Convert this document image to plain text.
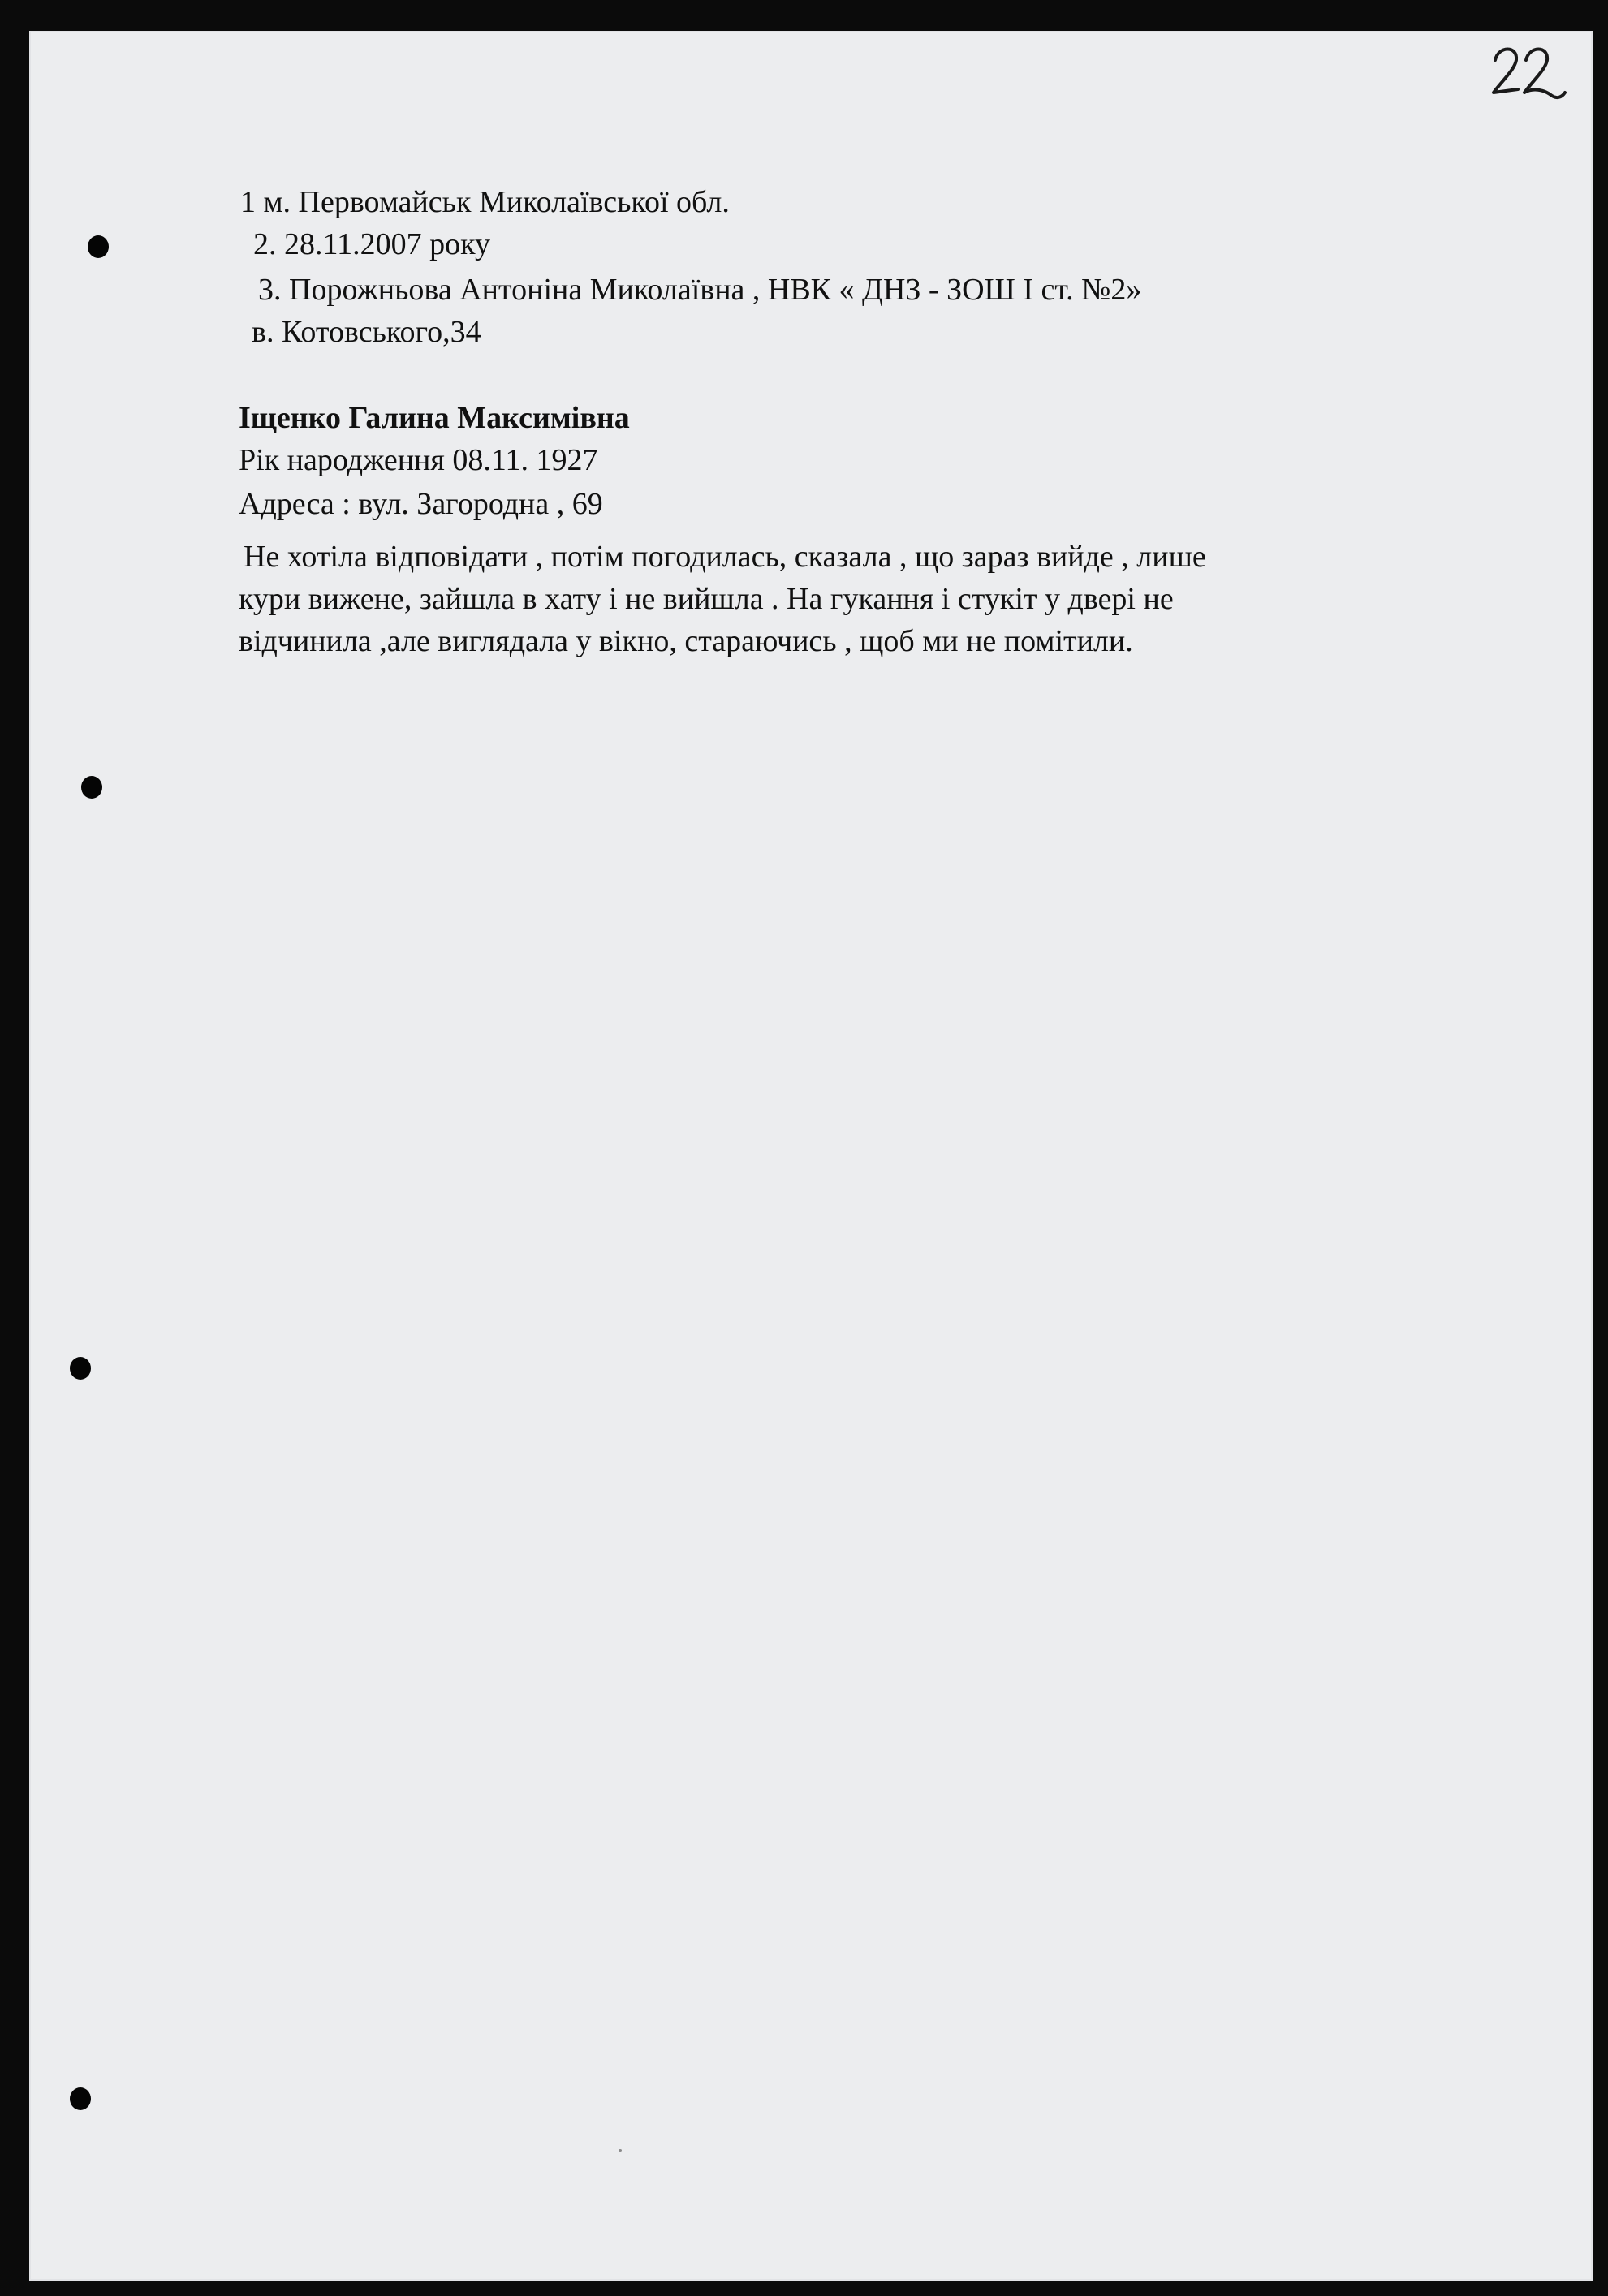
1 м. Первомайськ Миколаївської обл.
2. 28.11.2007 року
3. Порожньова Антоніна Миколаївна , НВК « ДНЗ - ЗОШ І ст. №2»
в. Котовського,34
Іщенко Галина Максимівна
Рік народження 08.11. 1927
Адреса : вул. Загородна , 69
Не хотіла відповідати , потім погодилась, сказала , що зараз вийде , лише
кури вижене, зайшла в хату і не вийшла . На гукання і стукіт у двері не
відчинила ,але виглядала у вікно, стараючись , щоб ми не помітили.
